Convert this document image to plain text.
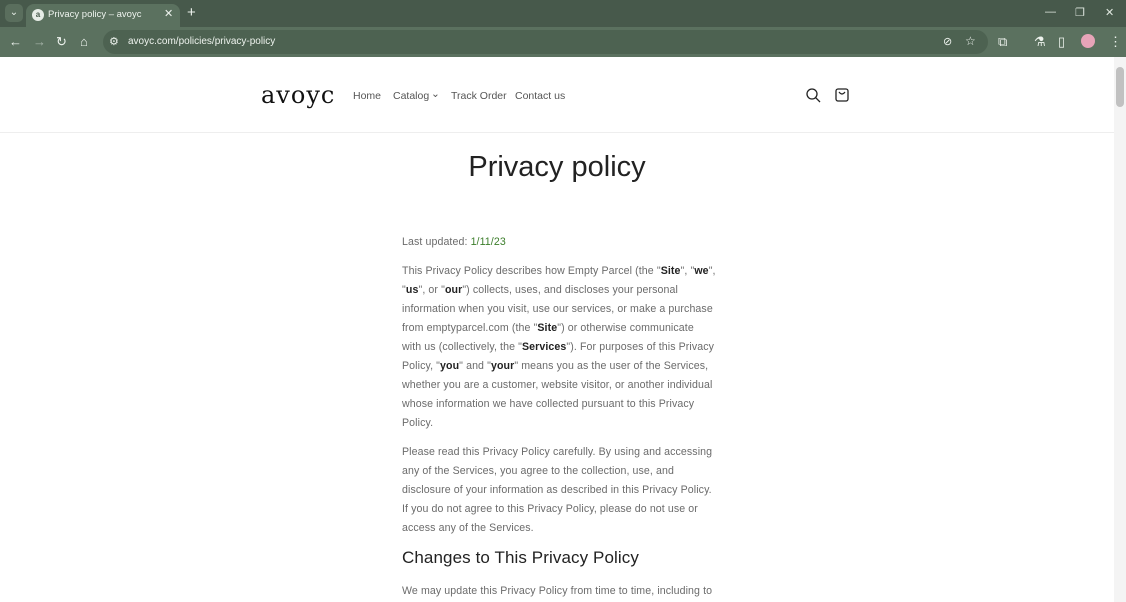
⌄	a Privacy policy – avoyc ✕ +	— ❐ ✕
← → ↻ ⌂ ⚙ avoyc.com/policies/privacy-policy	⊘ ☆ ⧉ ⚗ ▯	⋮
avoyc Home Catalog ⌄ Track Order Contact us
Privacy policy
Last updated: 1/11/23
This Privacy Policy describes how Empty Parcel (the "Site", "we",
"us", or "our") collects, uses, and discloses your personal
information when you visit, use our services, or make a purchase
from emptyparcel.com (the "Site") or otherwise communicate
with us (collectively, the "Services"). For purposes of this Privacy
Policy, "you" and "your" means you as the user of the Services,
whether you are a customer, website visitor, or another individual
whose information we have collected pursuant to this Privacy
Policy.
Please read this Privacy Policy carefully. By using and accessing
any of the Services, you agree to the collection, use, and
disclosure of your information as described in this Privacy Policy.
If you do not agree to this Privacy Policy, please do not use or
access any of the Services.
Changes to This Privacy Policy
We may update this Privacy Policy from time to time, including to
